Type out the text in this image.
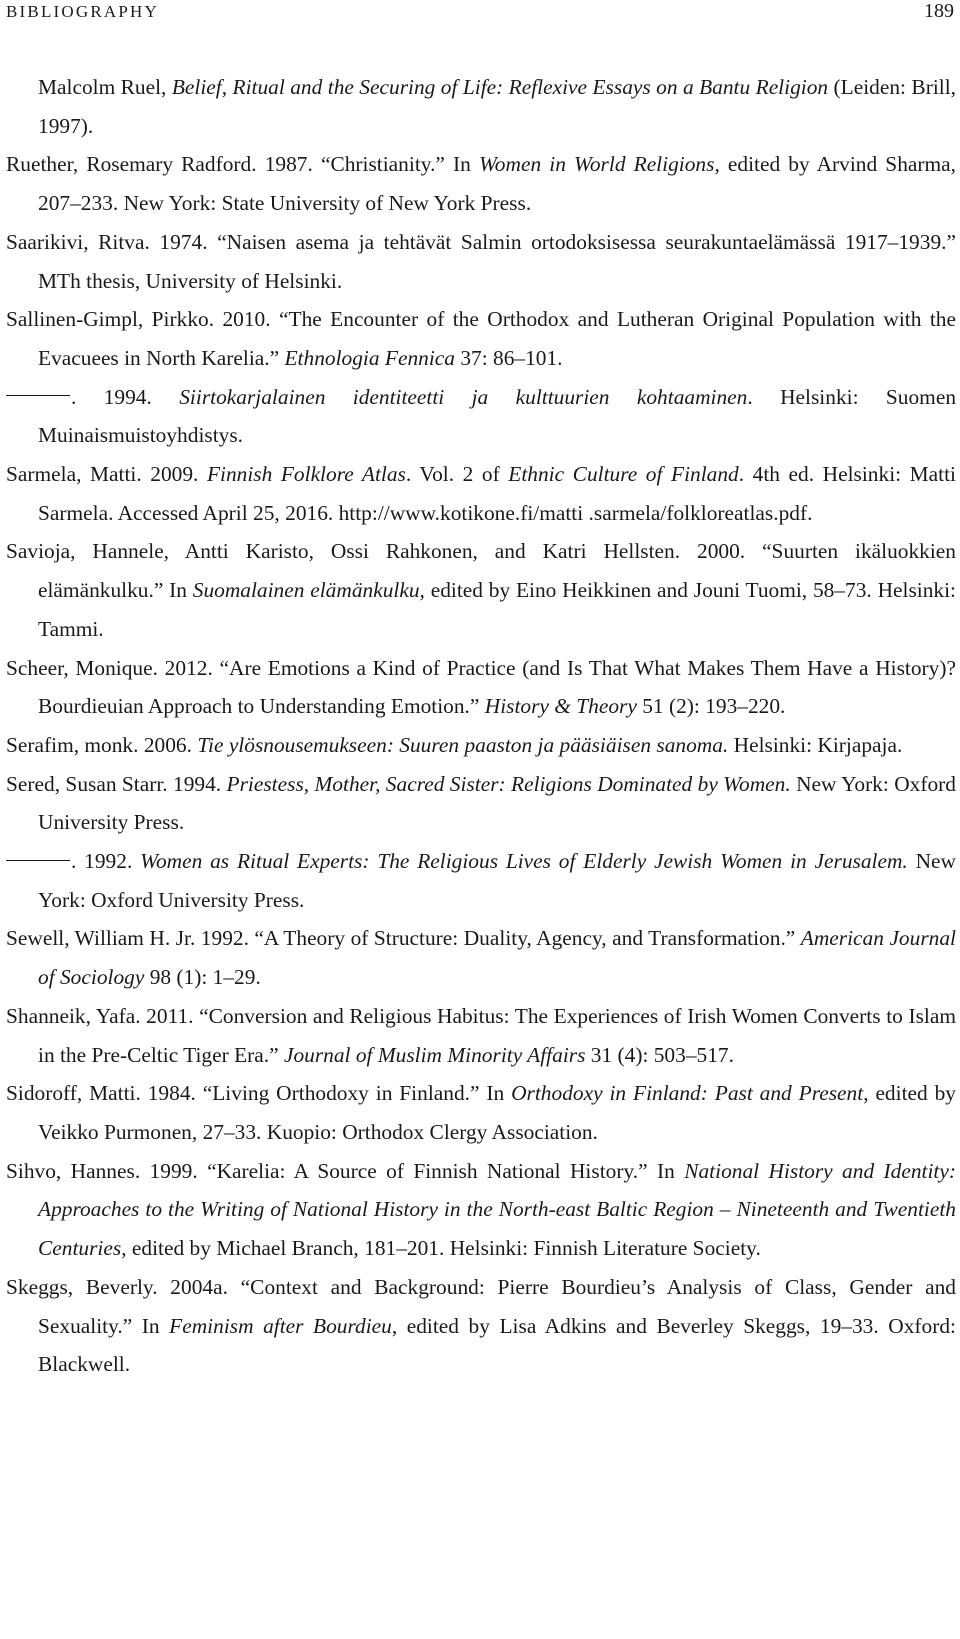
BIBLIOGRAPHY	189

Malcolm Ruel, Belief, Ritual and the Securing of Life: Reflexive Essays on a Bantu Religion (Leiden: Brill, 1997).

Ruether, Rosemary Radford. 1987. “Christianity.” In Women in World Religions, edited by Arvind Sharma, 207–233. New York: State University of New York Press.

Saarikivi, Ritva. 1974. “Naisen asema ja tehtävät Salmin ortodoksisessa seurakuntaelämässä 1917–1939.” MTh thesis, University of Helsinki.

Sallinen-Gimpl, Pirkko. 2010. “The Encounter of the Orthodox and Lutheran Original Population with the Evacuees in North Karelia.” Ethnologia Fennica 37: 86–101.

. 1994. Siirtokarjalainen identiteetti ja kulttuurien kohtaaminen. Helsinki: Suomen Muinaismuistoyhdistys.

Sarmela, Matti. 2009. Finnish Folklore Atlas. Vol. 2 of Ethnic Culture of Finland. 4th ed. Helsinki: Matti Sarmela. Accessed April 25, 2016. http://www.kotikone.fi/matti .sarmela/folkloreatlas.pdf.

Savioja, Hannele, Antti Karisto, Ossi Rahkonen, and Katri Hellsten. 2000. “Suurten ikäluokkien elämänkulku.” In Suomalainen elämänkulku, edited by Eino Heikkinen and Jouni Tuomi, 58–73. Helsinki: Tammi.

Scheer, Monique. 2012. “Are Emotions a Kind of Practice (and Is That What Makes Them Have a History)? Bourdieuian Approach to Understanding Emotion.” History & Theory 51 (2): 193–220.

Serafim, monk. 2006. Tie ylösnousemukseen: Suuren paaston ja pääsiäisen sanoma. Helsinki: Kirjapaja.

Sered, Susan Starr. 1994. Priestess, Mother, Sacred Sister: Religions Dominated by Women. New York: Oxford University Press.

. 1992. Women as Ritual Experts: The Religious Lives of Elderly Jewish Women in Jerusalem. New York: Oxford University Press.

Sewell, William H. Jr. 1992. “A Theory of Structure: Duality, Agency, and Transformation.” American Journal of Sociology 98 (1): 1–29.

Shanneik, Yafa. 2011. “Conversion and Religious Habitus: The Experiences of Irish Women Converts to Islam in the Pre-Celtic Tiger Era.” Journal of Muslim Minority Affairs 31 (4): 503–517.

Sidoroff, Matti. 1984. “Living Orthodoxy in Finland.” In Orthodoxy in Finland: Past and Present, edited by Veikko Purmonen, 27–33. Kuopio: Orthodox Clergy Association.

Sihvo, Hannes. 1999. “Karelia: A Source of Finnish National History.” In National History and Identity: Approaches to the Writing of National History in the North-east Baltic Region – Nineteenth and Twentieth Centuries, edited by Michael Branch, 181–201. Helsinki: Finnish Literature Society.

Skeggs, Beverly. 2004a. “Context and Background: Pierre Bourdieu’s Analysis of Class, Gender and Sexuality.” In Feminism after Bourdieu, edited by Lisa Adkins and Beverley Skeggs, 19–33. Oxford: Blackwell.
